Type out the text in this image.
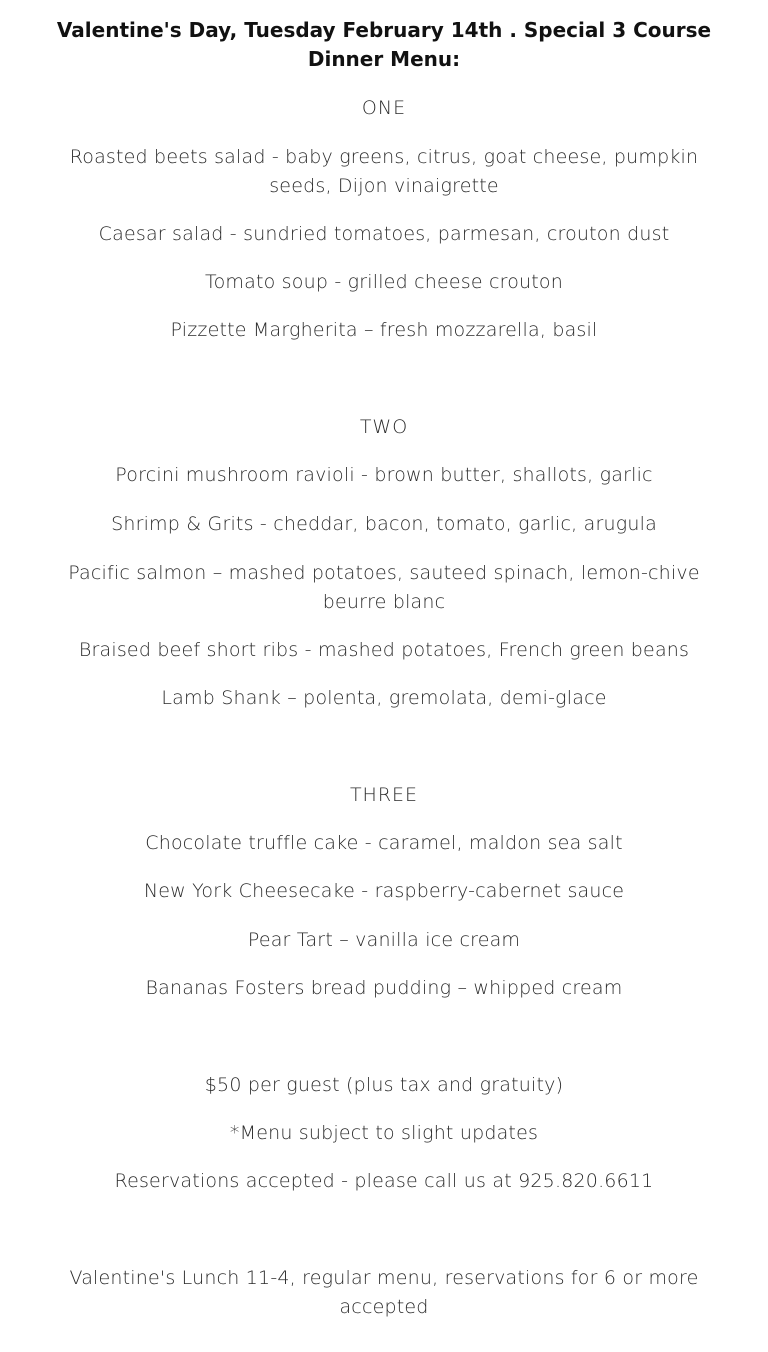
Valentine's Day, Tuesday February 14th . Special 3 Course Dinner Menu:
ONE
Roasted beets salad - baby greens, citrus, goat cheese, pumpkin seeds, Dijon vinaigrette
Caesar salad - sundried tomatoes, parmesan, crouton dust
Tomato soup - grilled cheese crouton
Pizzette Margherita – fresh mozzarella, basil
TWO
Porcini mushroom ravioli - brown butter, shallots, garlic
Shrimp & Grits - cheddar, bacon, tomato, garlic, arugula
Pacific salmon – mashed potatoes, sauteed spinach, lemon-chive beurre blanc
Braised beef short ribs - mashed potatoes, French green beans
Lamb Shank – polenta, gremolata, demi-glace
THREE
Chocolate truffle cake - caramel, maldon sea salt
New York Cheesecake - raspberry-cabernet sauce
Pear Tart – vanilla ice cream
Bananas Fosters bread pudding – whipped cream
$50 per guest (plus tax and gratuity)
*Menu subject to slight updates
Reservations accepted - please call us at 925.820.6611
Valentine's Lunch 11-4, regular menu, reservations for 6 or more accepted
